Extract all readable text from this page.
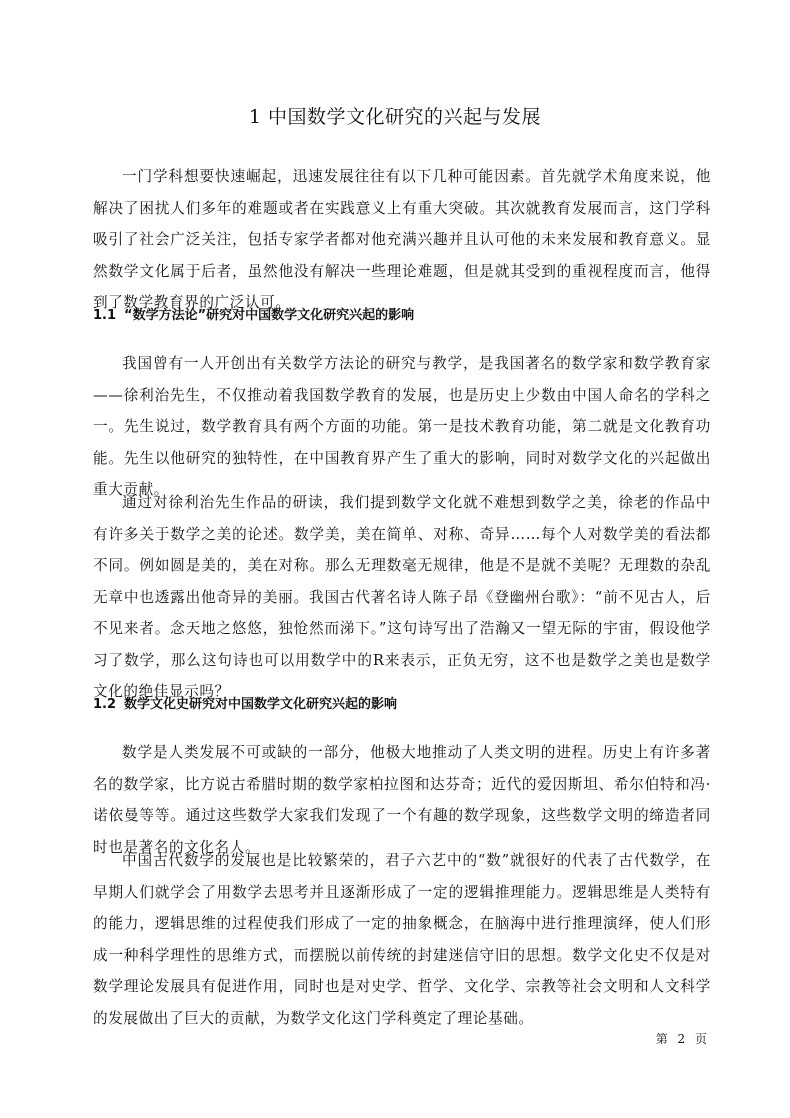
1 中国数学文化研究的兴起与发展

一门学科想要快速崛起，迅速发展往往有以下几种可能因素。首先就学术角度来说，他解决了困扰人们多年的难题或者在实践意义上有重大突破。其次就教育发展而言，这门学科吸引了社会广泛关注，包括专家学者都对他充满兴趣并且认可他的未来发展和教育意义。显然数学文化属于后者，虽然他没有解决一些理论难题，但是就其受到的重视程度而言，他得到了数学教育界的广泛认可。

1.1 “数学方法论”研究对中国数学文化研究兴起的影响

我国曾有一人开创出有关数学方法论的研究与教学，是我国著名的数学家和数学教育家——徐利治先生，不仅推动着我国数学教育的发展，也是历史上少数由中国人命名的学科之一。先生说过，数学教育具有两个方面的功能。第一是技术教育功能，第二就是文化教育功能。先生以他研究的独特性，在中国教育界产生了重大的影响，同时对数学文化的兴起做出重大贡献。

通过对徐利治先生作品的研读，我们提到数学文化就不难想到数学之美，徐老的作品中有许多关于数学之美的论述。数学美，美在简单、对称、奇异……每个人对数学美的看法都不同。例如圆是美的，美在对称。那么无理数毫无规律，他是不是就不美呢？无理数的杂乱无章中也透露出他奇异的美丽。我国古代著名诗人陈子昂《登幽州台歌》：“前不见古人，后不见来者。念天地之悠悠，独怆然而涕下。”这句诗写出了浩瀚又一望无际的宇宙，假设他学习了数学，那么这句诗也可以用数学中的R来表示，正负无穷，这不也是数学之美也是数学文化的绝佳显示吗？

1.2 数学文化史研究对中国数学文化研究兴起的影响

数学是人类发展不可或缺的一部分，他极大地推动了人类文明的进程。历史上有许多著名的数学家，比方说古希腊时期的数学家柏拉图和达芬奇；近代的爱因斯坦、希尔伯特和冯·诺依曼等等。通过这些数学大家我们发现了一个有趣的数学现象，这些数学文明的缔造者同时也是著名的文化名人。

中国古代数学的发展也是比较繁荣的，君子六艺中的“数”就很好的代表了古代数学，在早期人们就学会了用数学去思考并且逐渐形成了一定的逻辑推理能力。逻辑思维是人类特有的能力，逻辑思维的过程使我们形成了一定的抽象概念，在脑海中进行推理演绎，使人们形成一种科学理性的思维方式，而摆脱以前传统的封建迷信守旧的思想。数学文化史不仅是对数学理论发展具有促进作用，同时也是对史学、哲学、文化学、宗教等社会文明和人文科学的发展做出了巨大的贡献，为数学文化这门学科奠定了理论基础。

第 2 页
